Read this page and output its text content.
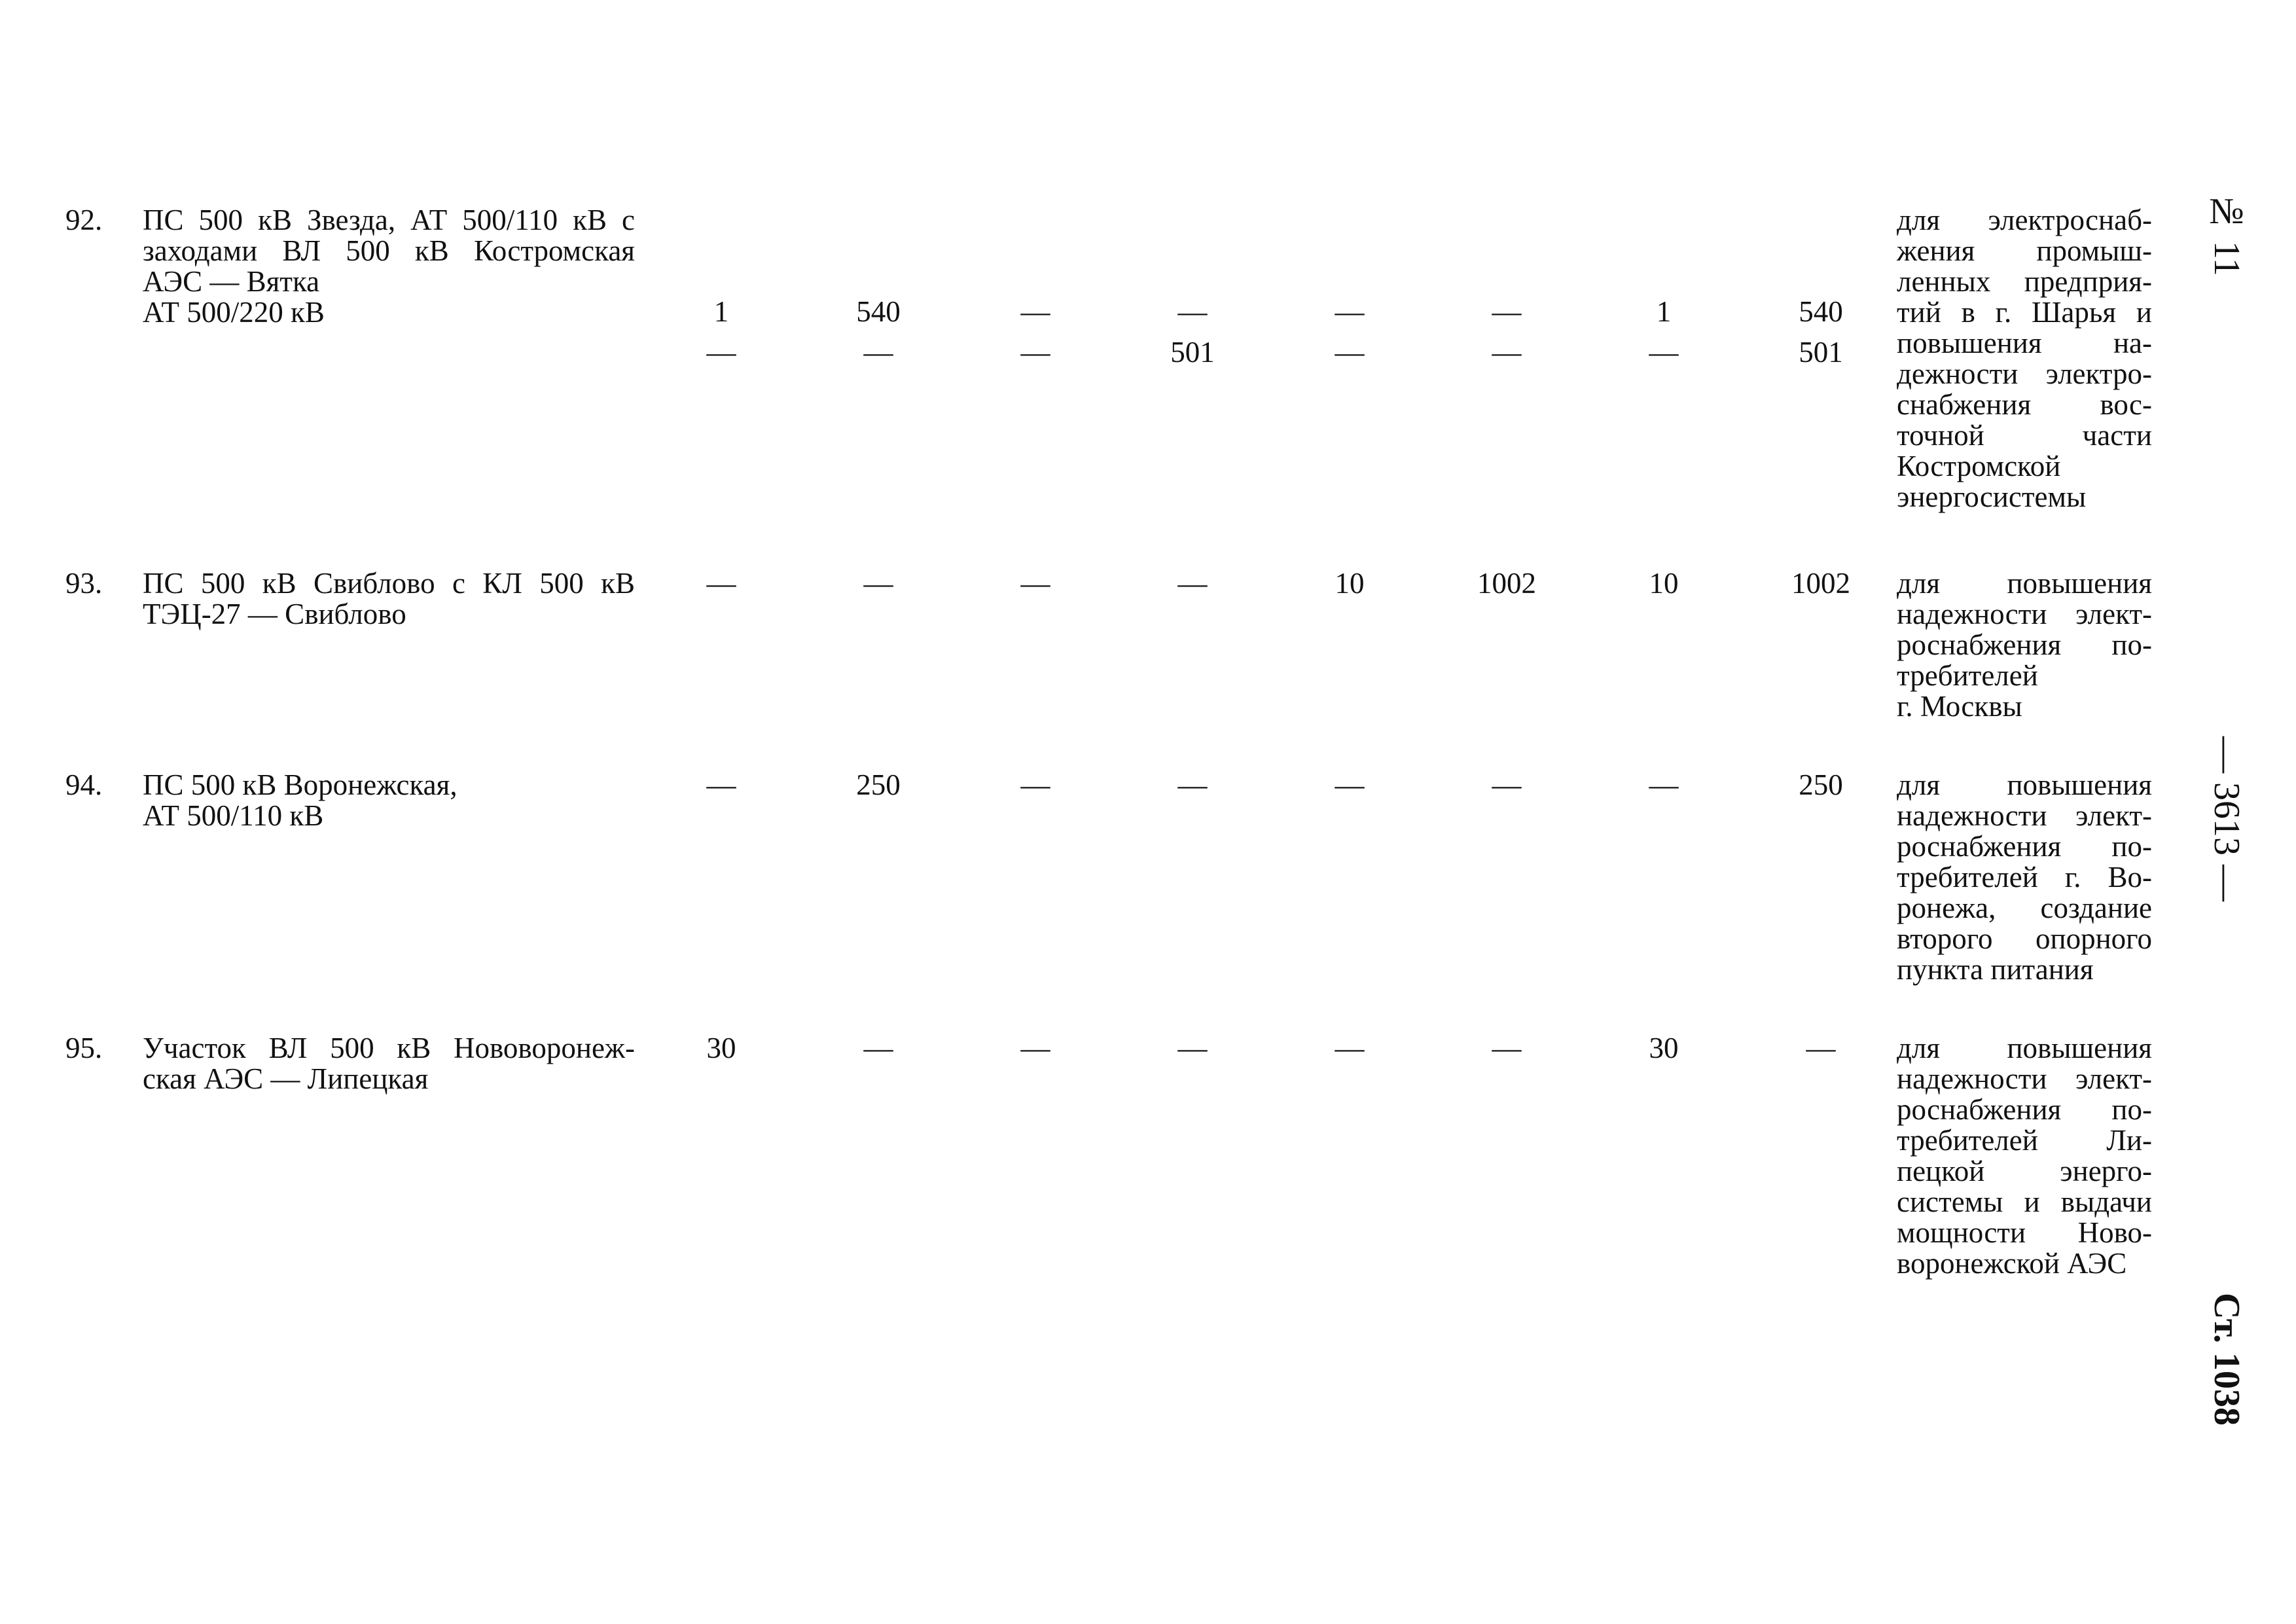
92. ПС 500 кВ Звезда, АТ 500/110 кВ с
заходами ВЛ 500 кВ Костромская
АЭС — Вятка
АТ 500/220 кВ	1	540	—	—	—	—	1	540
—	—	—	501	—	—	—	501
для электроснаб-
жения промыш-
ленных предприя-
тий в г. Шарья и
повышения на-
дежности электро-
снабжения вос-
точной части
Костромской
энергосистемы
93. ПС 500 кВ Свиблово с КЛ 500 кВ
ТЭЦ-27 — Свиблово
—	—	—	—	10	1002	10	1002	для повышения
надежности элект-
роснабжения по-
требителей
г. Москвы
94. ПС 500 кВ Воронежская,
АТ 500/110 кВ
—	250	—	—	—	—	—	250	для повышения
надежности элект-
роснабжения по-
требителей г. Во-
ронежа, создание
второго опорного
пункта питания
95. Участок ВЛ 500 кВ Нововоронеж-
ская АЭС — Липецкая
30	—	—	—	—	—	30	—	для повышения
надежности элект-
роснабжения по-
требителей Ли-
пецкой энерго-
системы и выдачи
мощности Ново-
воронежской АЭС
№ 11
— 3613 —
Ст. 1038
